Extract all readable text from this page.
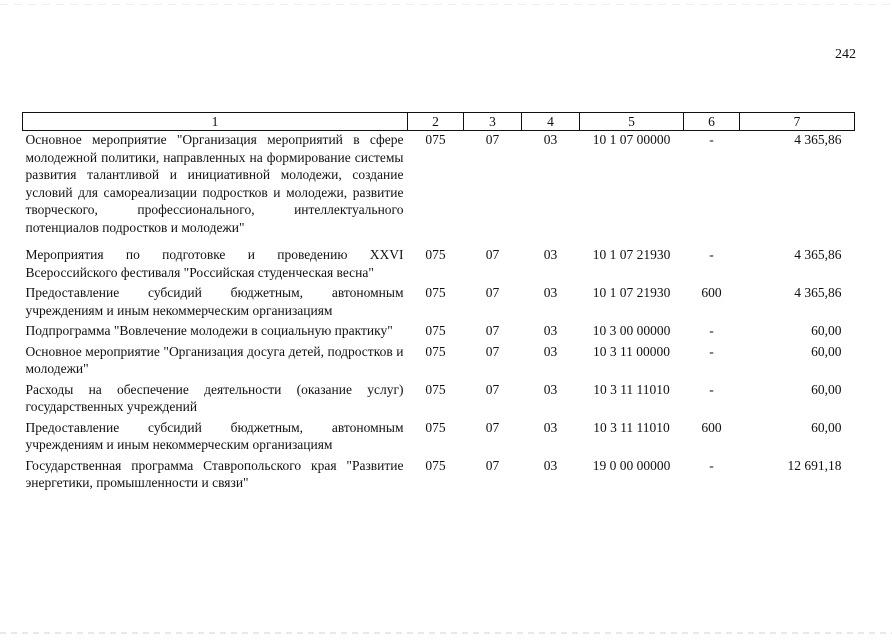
242
1	2	3	4	5	6	7
Основное мероприятие "Организация мероприятий в сфере молодежной политики, направленных на формирование системы развития талантливой и инициативной молодежи, создание условий для самореализации подростков и молодежи, развитие творческого, профессионального, интеллектуального потенциалов подростков и молодежи"	075	07	03	10 1 07 00000	-	4 365,86
Мероприятия по подготовке и проведению XXVI Всероссийского фестиваля "Российская студенческая весна"	075	07	03	10 1 07 21930	-	4 365,86
Предоставление субсидий бюджетным, автономным учреждениям и иным некоммерческим организациям	075	07	03	10 1 07 21930	600	4 365,86
Подпрограмма "Вовлечение молодежи в социальную практику"	075	07	03	10 3 00 00000	-	60,00
Основное мероприятие "Организация досуга детей, подростков и молодежи"	075	07	03	10 3 11 00000	-	60,00
Расходы на обеспечение деятельности (оказание услуг) государственных учреждений	075	07	03	10 3 11 11010	-	60,00
Предоставление субсидий бюджетным, автономным учреждениям и иным некоммерческим организациям	075	07	03	10 3 11 11010	600	60,00
Государственная программа Ставропольского края "Развитие энергетики, промышленности и связи"	075	07	03	19 0 00 00000	-	12 691,18
